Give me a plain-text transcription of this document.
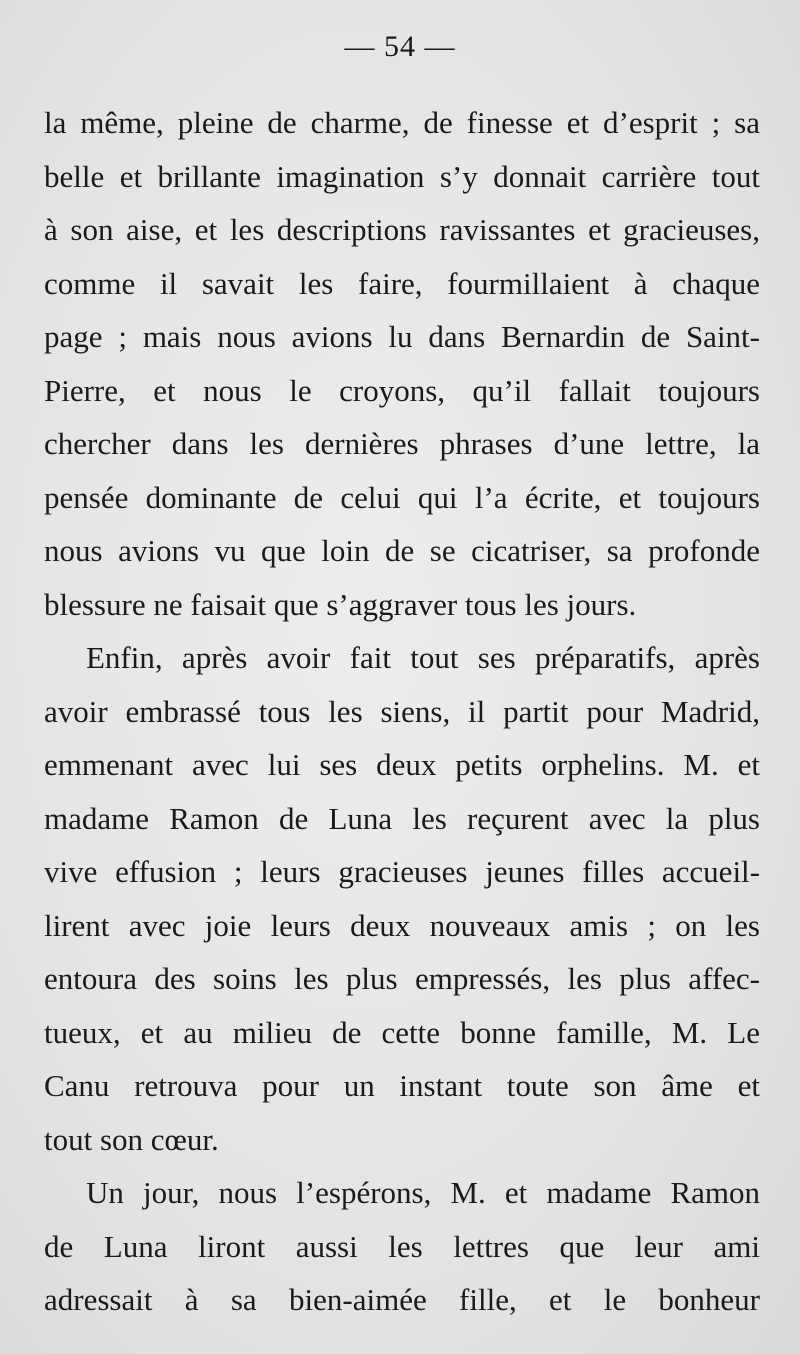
— 54 —
la même, pleine de charme, de finesse et d’esprit ; sa
belle et brillante imagination s’y donnait carrière tout
à son aise, et les descriptions ravissantes et gracieuses,
comme il savait les faire, fourmillaient à chaque
page ; mais nous avions lu dans Bernardin de Saint-
Pierre, et nous le croyons, qu’il fallait toujours
chercher dans les dernières phrases d’une lettre, la
pensée dominante de celui qui l’a écrite, et toujours
nous avions vu que loin de se cicatriser, sa profonde
blessure ne faisait que s’aggraver tous les jours.
Enfin, après avoir fait tout ses préparatifs, après
avoir embrassé tous les siens, il partit pour Madrid,
emmenant avec lui ses deux petits orphelins. M. et
madame Ramon de Luna les reçurent avec la plus
vive effusion ; leurs gracieuses jeunes filles accueil-
lirent avec joie leurs deux nouveaux amis ; on les
entoura des soins les plus empressés, les plus affec-
tueux, et au milieu de cette bonne famille, M. Le
Canu retrouva pour un instant toute son âme et
tout son cœur.
Un jour, nous l’espérons, M. et madame Ramon
de Luna liront aussi les lettres que leur ami
adressait à sa bien-aimée fille, et le bonheur
